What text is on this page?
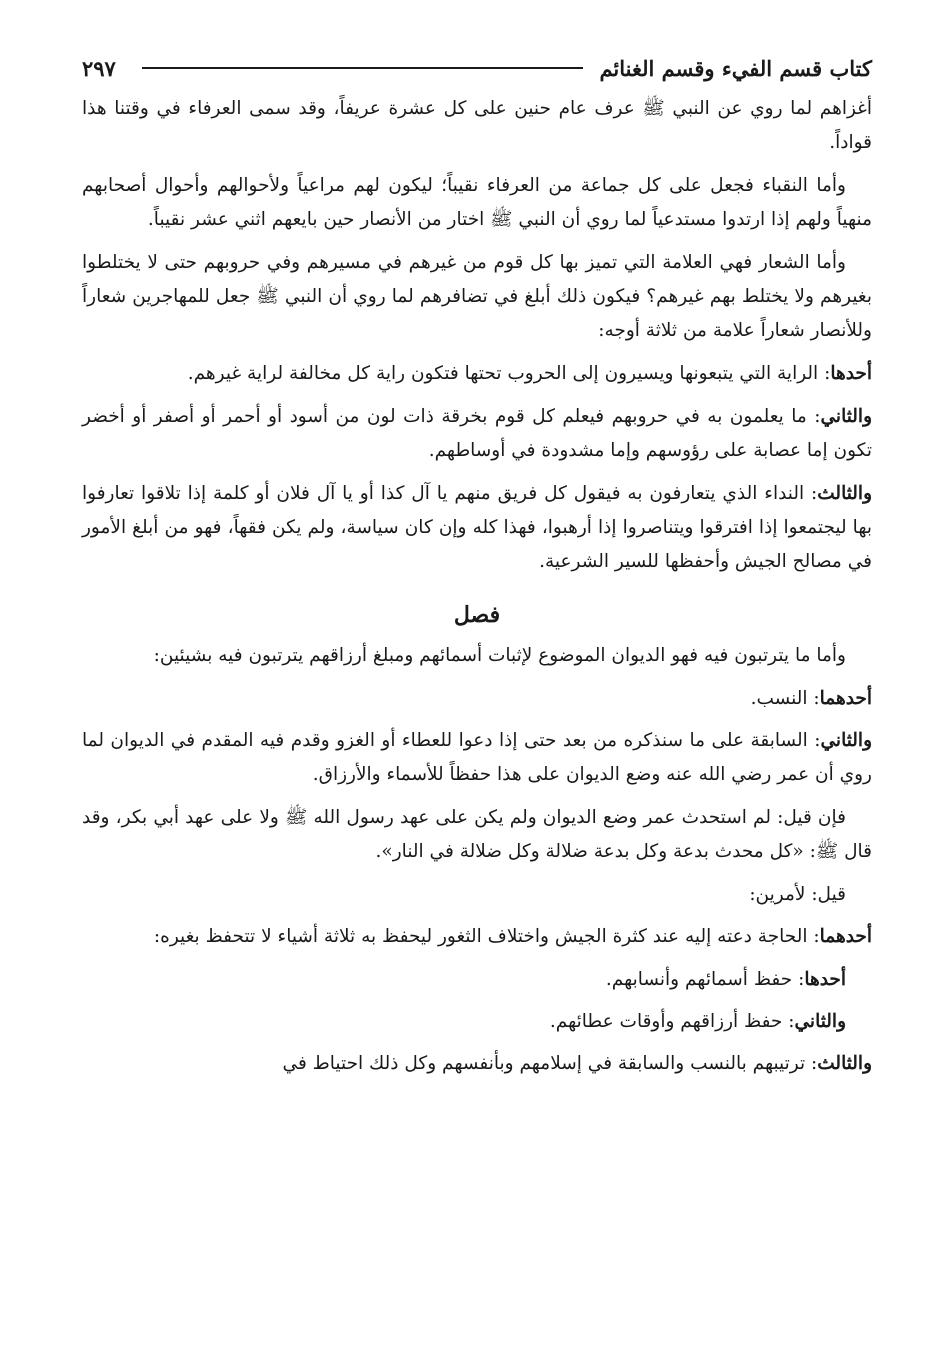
كتاب قسم الفيء وقسم الغنائم
٢٩٧

أغزاهم لما روي عن النبي ﷺ عرف عام حنين على كل عشرة عريفاً، وقد سمى العرفاء في وقتنا هذا قواداً.

وأما النقباء فجعل على كل جماعة من العرفاء نقيباً؛ ليكون لهم مراعياً ولأحوالهم وأحوال أصحابهم منهياً ولهم إذا ارتدوا مستدعياً لما روي أن النبي ﷺ اختار من الأنصار حين بايعهم اثني عشر نقيباً.

وأما الشعار فهي العلامة التي تميز بها كل قوم من غيرهم في مسيرهم وفي حروبهم حتى لا يختلطوا بغيرهم ولا يختلط بهم غيرهم؟ فيكون ذلك أبلغ في تضافرهم لما روي أن النبي ﷺ جعل للمهاجرين شعاراً وللأنصار شعاراً علامة من ثلاثة أوجه:

أحدها: الراية التي يتبعونها ويسيرون إلى الحروب تحتها فتكون راية كل مخالفة لراية غيرهم.

والثاني: ما يعلمون به في حروبهم فيعلم كل قوم بخرقة ذات لون من أسود أو أحمر أو أصفر أو أخضر تكون إما عصابة على رؤوسهم وإما مشدودة في أوساطهم.

والثالث: النداء الذي يتعارفون به فيقول كل فريق منهم يا آل كذا أو يا آل فلان أو كلمة إذا تلاقوا تعارفوا بها ليجتمعوا إذا افترقوا ويتناصروا إذا أرهبوا، فهذا كله وإن كان سياسة، ولم يكن فقهاً، فهو من أبلغ الأمور في مصالح الجيش وأحفظها للسير الشرعية.

فصل

وأما ما يترتبون فيه فهو الديوان الموضوع لإثبات أسمائهم ومبلغ أرزاقهم يترتبون فيه بشيئين:

أحدهما: النسب.

والثاني: السابقة على ما سنذكره من بعد حتى إذا دعوا للعطاء أو الغزو وقدم فيه المقدم في الديوان لما روي أن عمر رضي الله عنه وضع الديوان على هذا حفظاً للأسماء والأرزاق.

فإن قيل: لم استحدث عمر وضع الديوان ولم يكن على عهد رسول الله ﷺ ولا على عهد أبي بكر، وقد قال ﷺ: «كل محدث بدعة وكل بدعة ضلالة وكل ضلالة في النار».

قيل: لأمرين:

أحدهما: الحاجة دعته إليه عند كثرة الجيش واختلاف الثغور ليحفظ به ثلاثة أشياء لا تتحفظ بغيره:

أحدها: حفظ أسمائهم وأنسابهم.

والثاني: حفظ أرزاقهم وأوقات عطائهم.

والثالث: ترتيبهم بالنسب والسابقة في إسلامهم وبأنفسهم وكل ذلك احتياط في
